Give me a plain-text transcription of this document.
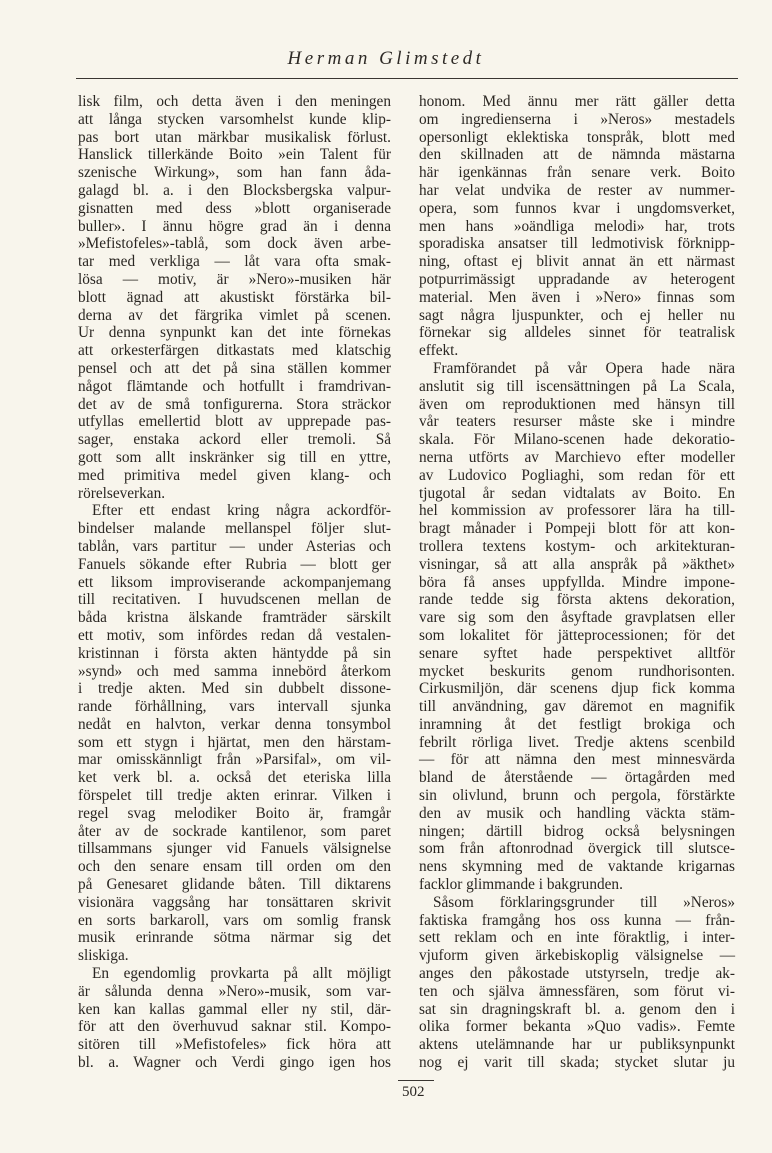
Herman Glimstedt
lisk film, och detta även i den meningen
att långa stycken varsomhelst kunde klip-
pas bort utan märkbar musikalisk förlust.
Hanslick tillerkände Boito »ein Talent für
szenische Wirkung», som han fann åda-
galagd bl. a. i den Blocksbergska valpur-
gisnatten med dess »blott organiserade
buller». I ännu högre grad än i denna
»Mefistofeles»-tablå, som dock även arbe-
tar med verkliga — låt vara ofta smak-
lösa — motiv, är »Nero»-musiken här
blott ägnad att akustiskt förstärka bil-
derna av det färgrika vimlet på scenen.
Ur denna synpunkt kan det inte förnekas
att orkesterfärgen ditkastats med klatschig
pensel och att det på sina ställen kommer
något flämtande och hotfullt i framdrivan-
det av de små tonfigurerna. Stora sträckor
utfyllas emellertid blott av upprepade pas-
sager, enstaka ackord eller tremoli. Så
gott som allt inskränker sig till en yttre,
med primitiva medel given klang- och
rörelseverkan.
Efter ett endast kring några ackordför-
bindelser malande mellanspel följer slut-
tablån, vars partitur — under Asterias och
Fanuels sökande efter Rubria — blott ger
ett liksom improviserande ackompanjemang
till recitativen. I huvudscenen mellan de
båda kristna älskande framträder särskilt
ett motiv, som infördes redan då vestalen-
kristinnan i första akten häntydde på sin
»synd» och med samma innebörd återkom
i tredje akten. Med sin dubbelt dissone-
rande förhållning, vars intervall sjunka
nedåt en halvton, verkar denna tonsymbol
som ett stygn i hjärtat, men den härstam-
mar omisskännligt från »Parsifal», om vil-
ket verk bl. a. också det eteriska lilla
förspelet till tredje akten erinrar. Vilken i
regel svag melodiker Boito är, framgår
åter av de sockrade kantilenor, som paret
tillsammans sjunger vid Fanuels välsignelse
och den senare ensam till orden om den
på Genesaret glidande båten. Till diktarens
visionära vaggsång har tonsättaren skrivit
en sorts barkaroll, vars om somlig fransk
musik erinrande sötma närmar sig det
sliskiga.
En egendomlig provkarta på allt möjligt
är sålunda denna »Nero»-musik, som var-
ken kan kallas gammal eller ny stil, där-
för att den överhuvud saknar stil. Kompo-
sitören till »Mefistofeles» fick höra att
bl. a. Wagner och Verdi gingo igen hos
honom. Med ännu mer rätt gäller detta
om ingredienserna i »Neros» mestadels
opersonligt eklektiska tonspråk, blott med
den skillnaden att de nämnda mästarna
här igenkännas från senare verk. Boito
har velat undvika de rester av nummer-
opera, som funnos kvar i ungdomsverket,
men hans »oändliga melodi» har, trots
sporadiska ansatser till ledmotivisk förknipp-
ning, oftast ej blivit annat än ett närmast
potpurrimässigt uppradande av heterogent
material. Men även i »Nero» finnas som
sagt några ljuspunkter, och ej heller nu
förnekar sig alldeles sinnet för teatralisk
effekt.
Framförandet på vår Opera hade nära
anslutit sig till iscensättningen på La Scala,
även om reproduktionen med hänsyn till
vår teaters resurser måste ske i mindre
skala. För Milano-scenen hade dekoratio-
nerna utförts av Marchievo efter modeller
av Ludovico Pogliaghi, som redan för ett
tjugotal år sedan vidtalats av Boito. En
hel kommission av professorer lära ha till-
bragt månader i Pompeji blott för att kon-
trollera textens kostym- och arkitekturan-
visningar, så att alla anspråk på »äkthet»
böra få anses uppfyllda. Mindre impone-
rande tedde sig första aktens dekoration,
vare sig som den åsyftade gravplatsen eller
som lokalitet för jätteprocessionen; för det
senare syftet hade perspektivet alltför
mycket beskurits genom rundhorisonten.
Cirkusmiljön, där scenens djup fick komma
till användning, gav däremot en magnifik
inramning åt det festligt brokiga och
febrilt rörliga livet. Tredje aktens scenbild
— för att nämna den mest minnesvärda
bland de återstående — örtagården med
sin olivlund, brunn och pergola, förstärkte
den av musik och handling väckta stäm-
ningen; därtill bidrog också belysningen
som från aftonrodnad övergick till slutsce-
nens skymning med de vaktande krigarnas
facklor glimmande i bakgrunden.
Såsom förklaringsgrunder till »Neros»
faktiska framgång hos oss kunna — från-
sett reklam och en inte föraktlig, i inter-
vjuform given ärkebiskoplig välsignelse —
anges den påkostade utstyrseln, tredje ak-
ten och själva ämnessfären, som förut vi-
sat sin dragningskraft bl. a. genom den i
olika former bekanta »Quo vadis». Femte
aktens utelämnande har ur publiksynpunkt
nog ej varit till skada; stycket slutar ju
502
